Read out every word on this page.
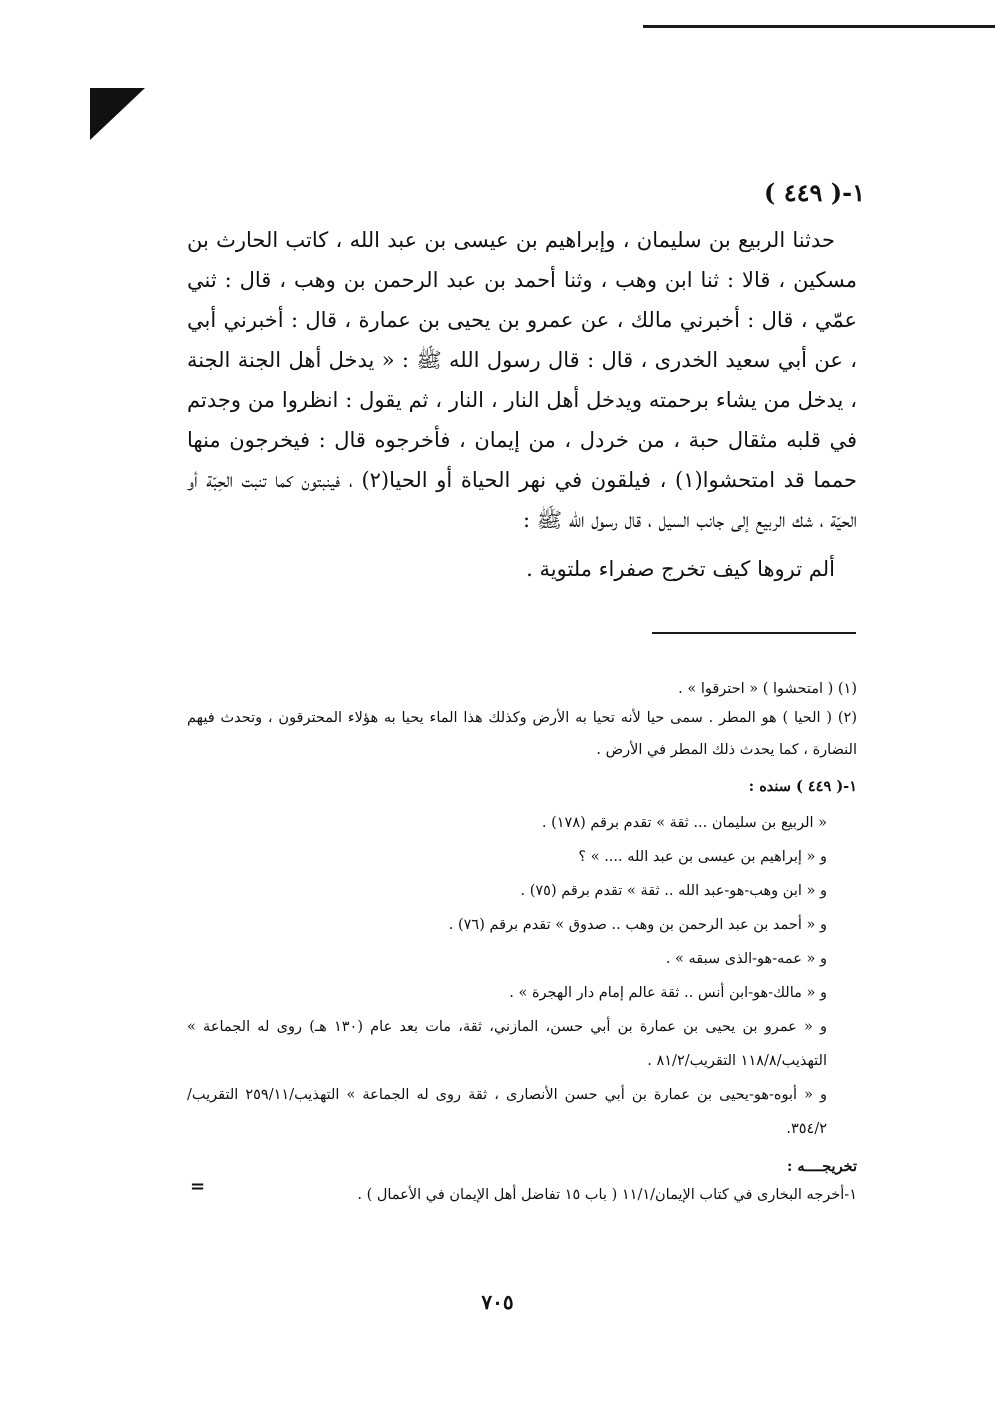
١-( ٤٤٩ )
حدثنا الربيع بن سليمان ، وإبراهيم بن عيسى بن عبد الله ، كاتب الحارث بن مسكين ، قالا : ثنا ابن وهب ، وثنا أحمد بن عبد الرحمن بن وهب ، قال : ثني عمّي ، قال : أخبرني مالك ، عن عمرو بن يحيى بن عمارة ، قال : أخبرني أبي ، عن أبي سعيد الخدرى ، قال : قال رسول الله ﷺ : « يدخل أهل الجنة الجنة ، يدخل من يشاء برحمته ويدخل أهل النار ، النار ، ثم يقول : انظروا من وجدتم في قلبه مثقال حبة ، من خردل ، من إيمان ، فأخرجوه قال : فيخرجون منها حمما قد امتحشوا(١) ، فيلقون في نهر الحياة أو الحيا(٢) ، فينبتون كما تنبت الحِبّة أو الحيّة ، شك الربيع إلى جانب السيل ، قال رسول الله ﷺ :
ألم تروها كيف تخرج صفراء ملتوية .
(١) ( امتحشوا ) « احترقوا » .
(٢) ( الحيا ) هو المطر . سمى حيا لأنه تحيا به الأرض وكذلك هذا الماء يحيا به هؤلاء المحترقون ، وتحدث فيهم النضارة ، كما يحدث ذلك المطر في الأرض .
١-( ٤٤٩ ) سنده :
« الربيع بن سليمان ... ثقة » تقدم برقم (١٧٨) .
و « إبراهيم بن عيسى بن عبد الله .... » ؟
و « ابن وهب-هو-عبد الله .. ثقة » تقدم برقم (٧٥) .
و « أحمد بن عبد الرحمن بن وهب .. صدوق » تقدم برقم (٧٦) .
و « عمه-هو-الذى سبقه » .
و « مالك-هو-ابن أنس .. ثقة عالم إمام دار الهجرة » .
و « عمرو بن يحيى بن عمارة بن أبي حسن، المازني، ثقة، مات بعد عام (١٣٠ هـ) روى له الجماعة » التهذيب/١١٨/٨ التقريب/٨١/٢ .
و « أبوه-هو-يحيى بن عمارة بن أبي حسن الأنصارى ، ثقة روى له الجماعة » التهذيب/٢٥٩/١١ التقريب/٣٥٤/٢.
تخريجــــه :
١-أخرجه البخارى في كتاب الإيمان/١١/١ ( باب ١٥ تفاضل أهل الإيمان في الأعمال ) .
=
٧٠٥
